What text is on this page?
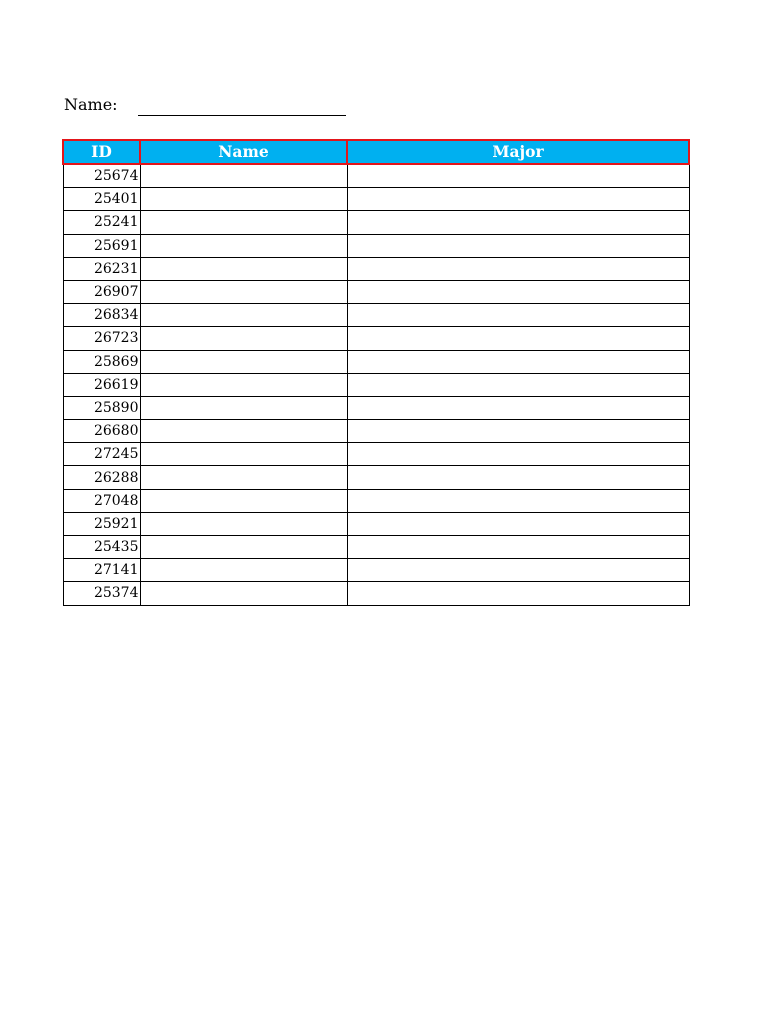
Name:
ID	Name	Major
25674		
25401		
25241		
25691		
26231		
26907		
26834		
26723		
25869		
26619		
25890		
26680		
27245		
26288		
27048		
25921		
25435		
27141		
25374		
